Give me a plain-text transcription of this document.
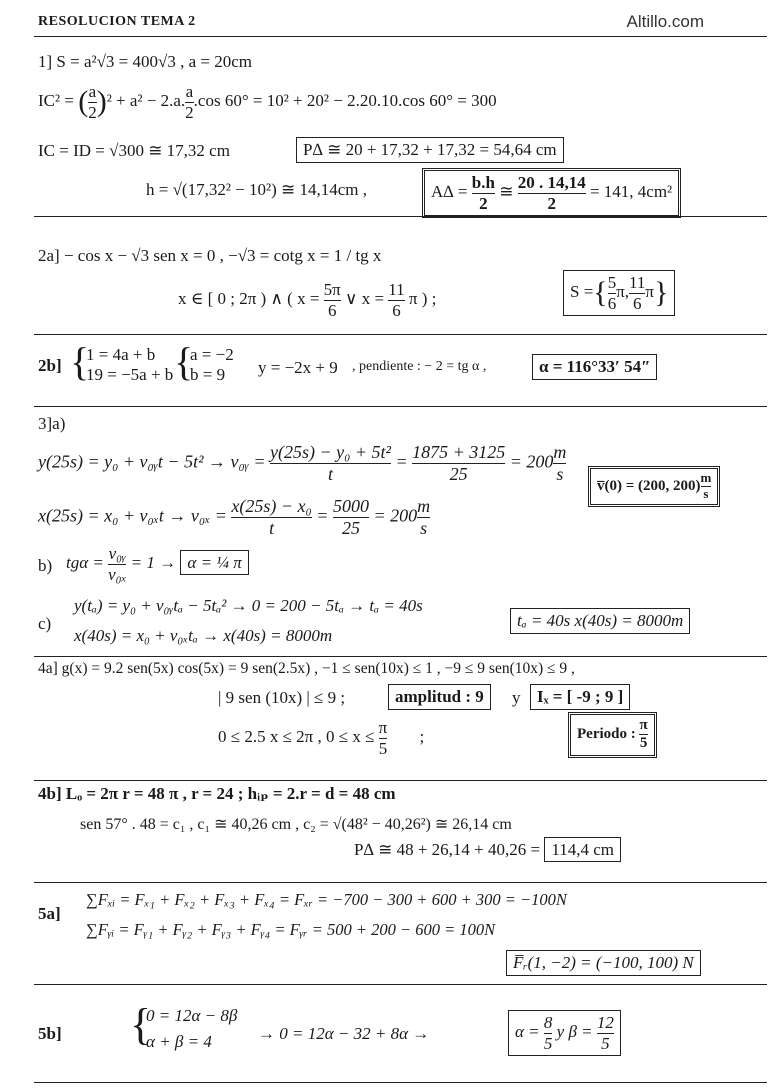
RESOLUCION TEMA 2	Altillo.com
1] S = a²√3 = 400√3 , a = 20cm
IC² = ( $\frac{a}{2} )^2 + a^2 - 2.a$. $\frac{a}{2} .\cos$ 60° = 10² + 20² − 2.20.10.cos 60° = 300
IC = ID = √300 ≅ 17,32 cm	P∆ ≅ 20 + 17,32 + 17,32 = 54,64 cm
h = √(17,32² − 10²) ≅ 14,14cm ,	$A\Delta = \frac{b.h}{2}$ ≅ $\frac{20 . 14,14}{2} = 141$, 4cm²
2a] − cos x − √3 sen x = 0 , −√3 = cotg x = 1 / tg x
x ∈ [ 0 ; 2π ) ∧ ( $x = \frac{5\pi}{6}$ ∨ $x = \frac{11}{6}$ π ) ;	S ={ $\frac{5}{6} \pi$, $\frac{11}{6} \pi$}
2b] {
1 = 4a + b
19 = −5a + b {
a = −2
b = 9	y = −2x + 9 , pendiente : − 2 = tg α ,	α = 116°33′ 54″
3]a)
y(25s) = y₀ + v₀ᵧt − 5t² → v₀ᵧ = $\frac{\text{y(25s) − y₀ + 5t²}}{t} = \frac{1875 + 3125}{25} = 200 \frac{m}{s}$
v̅(0) = (200, $200) \frac{m}{s}$
$x(25s) = x_0 + v_{0x}t \to v_{0x} = \frac{\text{x(25s) − x₀}}{t} = \frac{5000}{25} = 200 \frac{m}{s}$
b) $tg\alpha = \frac{\text{v₀ᵧ}}{\text{v₀ₓ}} = 1 \to \alpha$ = ¼ π
c)
y(tₐ) = y₀ + v₀ᵧtₐ − 5tₐ² → 0 = 200 − 5tₐ → tₐ = 40s
x(40s) = x₀ + v₀ₓtₐ → x(40s) = 8000m
tₐ = 40s x(40s) = 8000m
4a] g(x) = 9.2 sen(5x) cos(5x) = 9 sen(2.5x) , −1 ≤ sen(10x) ≤ 1 , −9 ≤ 9 sen(10x) ≤ 9 ,
| 9 sen (10x) | ≤ 9 ;	amplitud : 9	y Iₓ = [ -9 ; 9 ]
0 ≤ 2.5 x ≤ 2π , $0 \le x \le \frac{\pi}{5}$ ;	Periodo : $\frac{\pi}{5}$
4b] Lₒ = 2π r = 48 π , r = 24 ; hᵢₚ = 2.r = d = 48 cm
sen 57° . 48 = c₁ , c₁ ≅ 40,26 cm , c₂ = √(48² − 40,26²) ≅ 26,14 cm
P∆ ≅ 48 + 26,14 + 40,26 = 114,4 cm
5a]
∑Fₓᵢ = Fₓ₁ + Fₓ₂ + Fₓ₃ + Fₓ₄ = Fₓᵣ = −700 − 300 + 600 + 300 = −100N
∑Fᵧᵢ = Fᵧ₁ + Fᵧ₂ + Fᵧ₃ + Fᵧ₄ = Fᵧᵣ = 500 + 200 − 600 = 100N
F̅ᵣ(1, −2) = (−100, 100) N
5b] {
0 = 12α − 8β
α + β = 4	→ 0 = 12α − 32 + 8α →	$\alpha = \frac{8}{5}$ y $\beta = \frac{12}{5}$
